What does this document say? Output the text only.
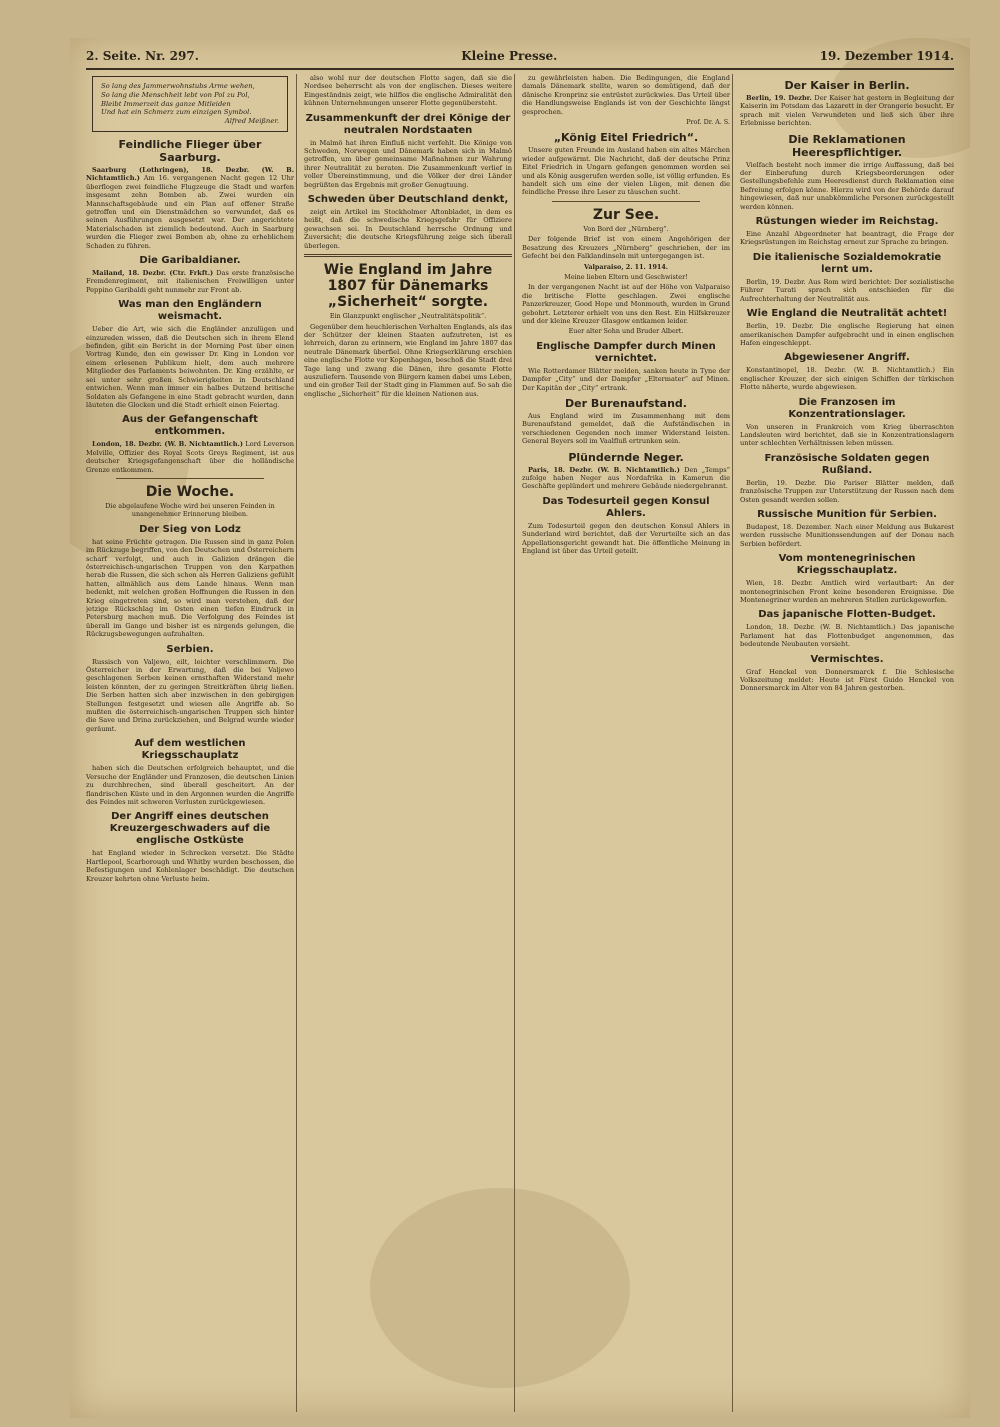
2. Seite. Nr. 297.	Kleine Presse.	19. Dezember 1914.
So lang des Jammerwohnstubs Arme wehen,
So lang die Menschheit lebt von Pol zu Pol,
Bleibt Immerzeit das ganze Mitleiden
Und hat ein Schmerz zum einzigen Symbol.
Alfred Meißner.
Feindliche Flieger über Saarburg.

Saarburg (Lothringen), 18. Dezbr. (W. B. Nichtamtlich.) Am 16. vergangenen Nacht gegen 12 Uhr überflogen zwei feindliche Flugzeuge die Stadt und warfen insgesamt zehn Bomben ab. Zwei wurden ein Mannschaftsgebäude und ein Plan auf offener Straße getroffen und ein Dienstmädchen so verwundet, daß es seinen Ausführungen ausgesetzt war. Der angerichtete Materialschaden ist ziemlich bedeutend. Auch in Saarburg wurden die Flieger zwei Bomben ab, ohne zu erheblichem Schaden zu führen.

Die Garibaldianer.

Mailand, 18. Dezbr. (Ctr. Frkft.) Das erste französische Fremdenregiment, mit italienischen Freiwilligen unter Peppino Garibaldi geht nunmehr zur Front ab.

Was man den Engländern weismacht.

Ueber die Art, wie sich die Engländer anzulügen und einzureden wissen, daß die Deutschen sich in ihrem Elend befinden, gibt ein Bericht in der Morning Post über einen Vortrag Kunde, den ein gewisser Dr. King in London vor einem erlesenen Publikum hielt, dem auch mehrere Mitglieder des Parlaments beiwohnten. Dr. King erzählte, er sei unter sehr großen Schwierigkeiten in Deutschland entwichen. Wenn man immer ein halbes Dutzend britische Soldaten als Gefangene in eine Stadt gebracht wurden, dann läuteten die Glocken und die Stadt erhielt einen Feiertag.

Aus der Gefangenschaft entkommen.

London, 18. Dezbr. (W. B. Nichtamtlich.) Lord Leverson Melville, Offizier des Royal Scots Greys Regiment, ist aus deutscher Kriegsgefangenschaft über die holländische Grenze entkommen.

Die Woche.
Die abgelaufene Woche wird bei unseren Feinden in unangenehmer Erinnerung bleiben.
Der Sieg von Lodz

hat seine Früchte getragen. Die Russen sind in ganz Polen im Rückzuge begriffen, von den Deutschen und Österreichern scharf verfolgt, und auch in Galizien drängen die österreichisch-ungarischen Truppen von den Karpathen herab die Russen, die sich schon als Herren Galiziens gefühlt hatten, allmählich aus dem Lande hinaus. Wenn man bedenkt, mit welchen großen Hoffnungen die Russen in den Krieg eingetreten sind, so wird man verstehen, daß der jetzige Rückschlag im Osten einen tiefen Eindruck in Petersburg machen muß. Die Verfolgung des Feindes ist überall im Gange und bisher ist es nirgends gelungen, die Rückzugsbewegungen aufzuhalten.

Serbien.

Russisch von Valjewo, eilt, leichter verschlimmern. Die Österreicher in der Erwartung, daß die bei Valjewo geschlagenen Serben keinen ernsthaften Widerstand mehr leisten könnten, der zu geringen Streitkräften übrig ließen. Die Serben hatten sich aber inzwischen in den gebirgigen Stellungen festgesetzt und wiesen alle Angriffe ab. So mußten die österreichisch-ungarischen Truppen sich hinter die Save und Drina zurückziehen, und Belgrad wurde wieder geräumt.

Auf dem westlichen Kriegsschauplatz

haben sich die Deutschen erfolgreich behauptet, und die Versuche der Engländer und Franzosen, die deutschen Linien zu durchbrechen, sind überall gescheitert. An der flandrischen Küste und in den Argonnen wurden die Angriffe des Feindes mit schweren Verlusten zurückgewiesen.

Der Angriff eines deutschen Kreuzergeschwaders auf die englische Ostküste

hat England wieder in Schrecken versetzt. Die Städte Hartlepool, Scarborough und Whitby wurden beschossen, die Befestigungen und Kohlenlager beschädigt. Die deutschen Kreuzer kehrten ohne Verluste heim.

also wohl nur der deutschen Flotte sagen, daß sie die Nordsee beherrscht als von der englischen. Dieses weitere Eingeständnis zeigt, wie hilflos die englische Admiralität den kühnen Unternehmungen unserer Flotte gegenübersteht.

Zusammenkunft der drei Könige der neutralen Nordstaaten

in Malmö hat ihren Einfluß nicht verfehlt. Die Könige von Schweden, Norwegen und Dänemark haben sich in Malmö getroffen, um über gemeinsame Maßnahmen zur Wahrung ihrer Neutralität zu beraten. Die Zusammenkunft verlief in voller Übereinstimmung, und die Völker der drei Länder begrüßten das Ergebnis mit großer Genugtuung.

Schweden über Deutschland denkt,

zeigt ein Artikel im Stockholmer Aftonbladet, in dem es heißt, daß die schwedische Kriegsgefahr für Offiziere gewachsen sei. In Deutschland herrsche Ordnung und Zuversicht; die deutsche Kriegsführung zeige sich überall überlegen.

Wie England im Jahre 1807 für Dänemarks „Sicherheit“ sorgte.
Ein Glanzpunkt englischer „Neutralitätspolitik“.

Gegenüber dem heuchlerischen Verhalten Englands, als das der Schützer der kleinen Staaten aufzutreten, ist es lehrreich, daran zu erinnern, wie England im Jahre 1807 das neutrale Dänemark überfiel. Ohne Kriegserklärung erschien eine englische Flotte vor Kopenhagen, beschoß die Stadt drei Tage lang und zwang die Dänen, ihre gesamte Flotte auszuliefern. Tausende von Bürgern kamen dabei ums Leben, und ein großer Teil der Stadt ging in Flammen auf. So sah die englische „Sicherheit“ für die kleinen Nationen aus.

zu gewährleisten haben. Die Bedingungen, die England damals Dänemark stellte, waren so demütigend, daß der dänische Kronprinz sie entrüstet zurückwies. Das Urteil über die Handlungsweise Englands ist von der Geschichte längst gesprochen.

Prof. Dr. A. S.
„König Eitel Friedrich“.

Unsere guten Freunde im Ausland haben ein altes Märchen wieder aufgewärmt. Die Nachricht, daß der deutsche Prinz Eitel Friedrich in Ungarn gefangen genommen worden sei und als König ausgerufen werden solle, ist völlig erfunden. Es handelt sich um eine der vielen Lügen, mit denen die feindliche Presse ihre Leser zu täuschen sucht.

Zur See.
Von Bord der „Nürnberg“.

Der folgende Brief ist von einem Angehörigen der Besatzung des Kreuzers „Nürnberg“ geschrieben, der im Gefecht bei den Falklandinseln mit untergegangen ist.

Valparaiso, 2. 11. 1914.
Meine lieben Eltern und Geschwister!

In der vergangenen Nacht ist auf der Höhe von Valparaiso die britische Flotte geschlagen. Zwei englische Panzerkreuzer, Good Hope und Monmouth, wurden in Grund gebohrt. Letzterer erhielt von uns den Rest. Ein Hilfskreuzer und der kleine Kreuzer Glasgow entkamen leider.

Euer alter Sohn und Bruder Albert.
Englische Dampfer durch Minen vernichtet.

Wie Rotterdamer Blätter melden, sanken heute in Tyne der Dampfer „City“ und der Dampfer „Eltermater“ auf Minen. Der Kapitän der „City“ ertrank.

Der Burenaufstand.

Aus England wird im Zusammenhang mit dem Burenaufstand gemeldet, daß die Aufständischen in verschiedenen Gegenden noch immer Widerstand leisten. General Beyers soll im Vaalfluß ertrunken sein.

Plündernde Neger.

Paris, 18. Dezbr. (W. B. Nichtamtlich.) Den „Temps“ zufolge haben Neger aus Nordafrika in Kamerun die Geschäfte geplündert und mehrere Gebäude niedergebrannt.

Das Todesurteil gegen Konsul Ahlers.

Zum Todesurteil gegen den deutschen Konsul Ahlers in Sunderland wird berichtet, daß der Verurteilte sich an das Appellationsgericht gewandt hat. Die öffentliche Meinung in England ist über das Urteil geteilt.

Der Kaiser in Berlin.

Berlin, 19. Dezbr. Der Kaiser hat gestern in Begleitung der Kaiserin im Potsdam das Lazarett in der Orangerie besucht. Er sprach mit vielen Verwundeten und ließ sich über ihre Erlebnisse berichten.

Die Reklamationen Heerespflichtiger.

Vielfach besteht noch immer die irrige Auffassung, daß bei der Einberufung durch Kriegsbeorderungen oder Gestellungsbefehle zum Heeresdienst durch Reklamation eine Befreiung erfolgen könne. Hierzu wird von der Behörde darauf hingewiesen, daß nur unabkömmliche Personen zurückgestellt werden können.

Rüstungen wieder im Reichstag.

Eine Anzahl Abgeordneter hat beantragt, die Frage der Kriegsrüstungen im Reichstag erneut zur Sprache zu bringen.

Die italienische Sozialdemokratie lernt um.

Berlin, 19. Dezbr. Aus Rom wird berichtet: Der sozialistische Führer Turati sprach sich entschieden für die Aufrechterhaltung der Neutralität aus.

Wie England die Neutralität achtet!

Berlin, 19. Dezbr. Die englische Regierung hat einen amerikanischen Dampfer aufgebracht und in einen englischen Hafen eingeschleppt.

Abgewiesener Angriff.

Konstantinopel, 18. Dezbr. (W. B. Nichtamtlich.) Ein englischer Kreuzer, der sich einigen Schiffen der türkischen Flotte näherte, wurde abgewiesen.

Die Franzosen im Konzentrationslager.

Von unseren in Frankreich vom Krieg überraschten Landsleuten wird berichtet, daß sie in Konzentrationslagern unter schlechten Verhältnissen leben müssen.

Französische Soldaten gegen Rußland.

Berlin, 19. Dezbr. Die Pariser Blätter melden, daß französische Truppen zur Unterstützung der Russen nach dem Osten gesandt werden sollen.

Russische Munition für Serbien.

Budapest, 18. Dezember. Nach einer Meldung aus Bukarest werden russische Munitionssendungen auf der Donau nach Serbien befördert.

Vom montenegrinischen Kriegsschauplatz.

Wien, 18. Dezbr. Amtlich wird verlautbart: An der montenegrinischen Front keine besonderen Ereignisse. Die Montenegriner wurden an mehreren Stellen zurückgeworfen.

Das japanische Flotten-Budget.

London, 18. Dezbr. (W. B. Nichtamtlich.) Das japanische Parlament hat das Flottenbudget angenommen, das bedeutende Neubauten vorsieht.

Vermischtes.

Graf Henckel von Donnersmarck f. Die Schlesische Volkszeitung meldet: Heute ist Fürst Guido Henckel von Donnersmarck im Alter von 84 Jahren gestorben.
